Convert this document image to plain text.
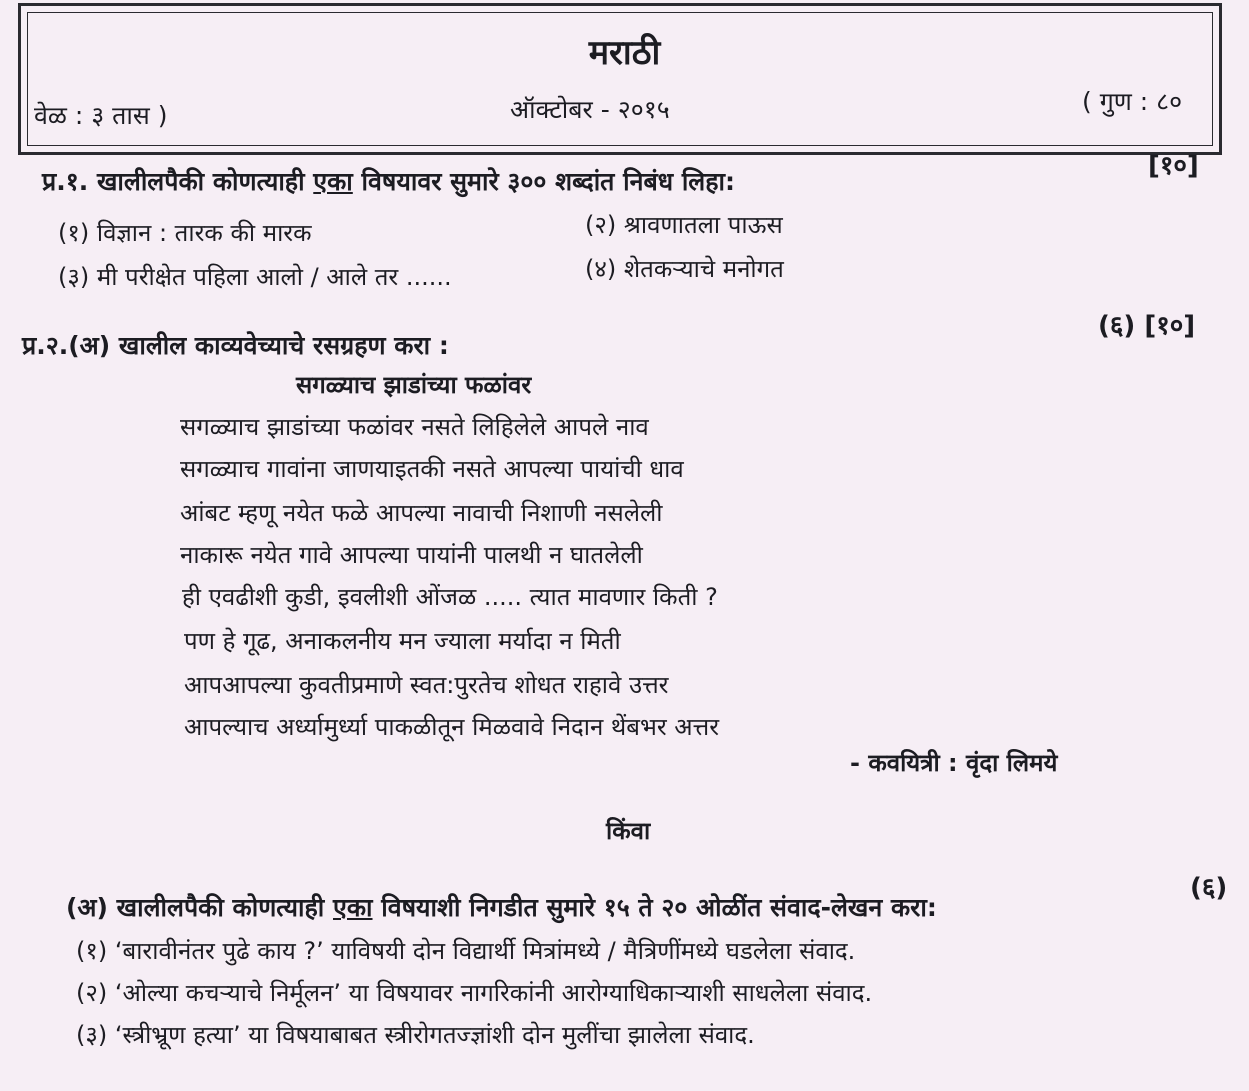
मराठी
वेळ : ३ तास )	ऑक्टोबर - २०१५	( गुण : ८०
[१०]
प्र.१. खालीलपैकी कोणत्याही एका विषयावर सुमारे ३०० शब्दांत निबंध लिहा:
(१) विज्ञान : तारक की मारक	(२) श्रावणातला पाऊस
(३) मी परीक्षेत पहिला आलो / आले तर ......	(४) शेतकऱ्याचे मनोगत
(६) [१०]
प्र.२.(अ) खालील काव्यवेच्याचे रसग्रहण करा :
सगळ्याच झाडांच्या फळांवर
सगळ्याच झाडांच्या फळांवर नसते लिहिलेले आपले नाव
सगळ्याच गावांना जाणयाइतकी नसते आपल्या पायांची धाव
आंबट म्हणू नयेत फळे आपल्या नावाची निशाणी नसलेली
नाकारू नयेत गावे आपल्या पायांनी पालथी न घातलेली
ही एवढीशी कुडी, इवलीशी ओंजळ ..... त्यात मावणार किती ?
पण हे गूढ, अनाकलनीय मन ज्याला मर्यादा न मिती
आपआपल्या कुवतीप्रमाणे स्वत:पुरतेच शोधत राहावे उत्तर
आपल्याच अर्ध्यामुर्ध्या पाकळीतून मिळवावे निदान थेंबभर अत्तर
- कवयित्री : वृंदा लिमये
किंवा
(६)
(अ) खालीलपैकी कोणत्याही एका विषयाशी निगडीत सुमारे १५ ते २० ओळींत संवाद-लेखन करा:
(१) ‘बारावीनंतर पुढे काय ?’ याविषयी दोन विद्यार्थी मित्रांमध्ये / मैत्रिणींमध्ये घडलेला संवाद.
(२) ‘ओल्या कचऱ्याचे निर्मूलन’ या विषयावर नागरिकांनी आरोग्याधिकाऱ्याशी साधलेला संवाद.
(३) ‘स्त्रीभ्रूण हत्या’ या विषयाबाबत स्त्रीरोगतज्ज्ञांशी दोन मुलींचा झालेला संवाद.
